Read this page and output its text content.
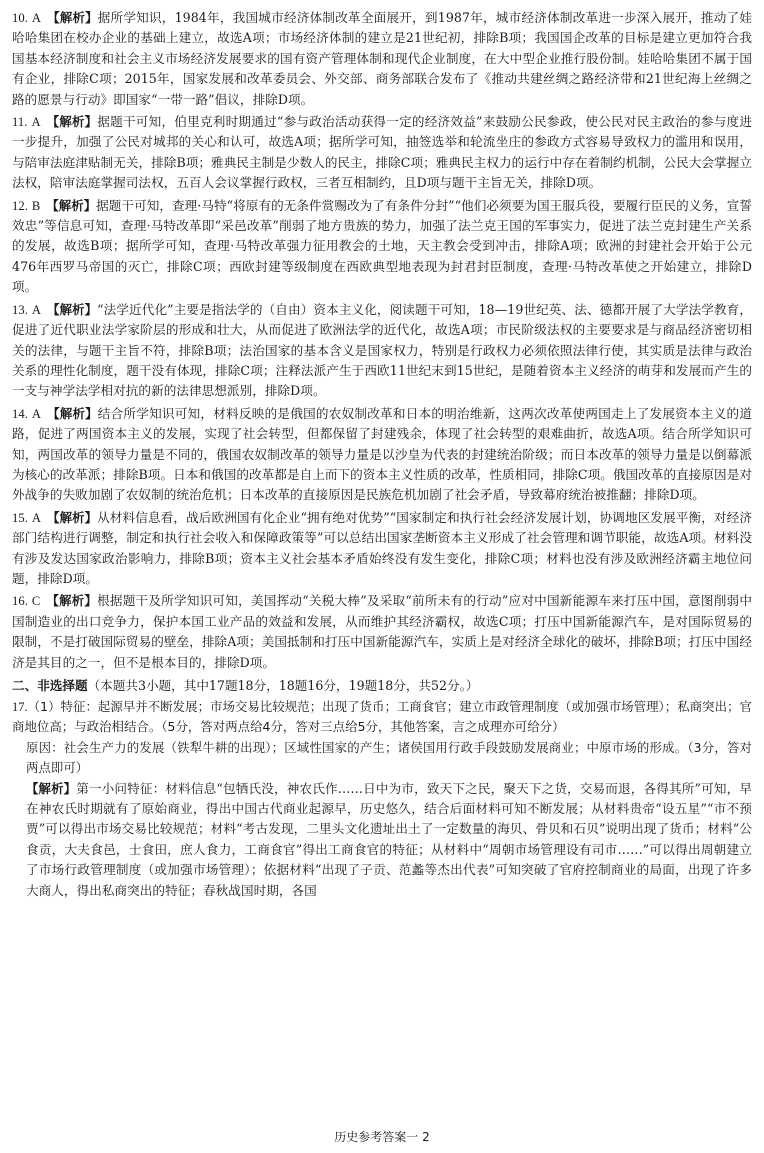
10. A 【解析】据所学知识，1984年，我国城市经济体制改革全面展开，到1987年，城市经济体制改革进一步深入展开，推动了娃哈哈集团在校办企业的基础上建立，故选A项；市场经济体制的建立是21世纪初，排除B项；我国国企改革的目标是建立更加符合我国基本经济制度和社会主义市场经济发展要求的国有资产管理体制和现代企业制度，在大中型企业推行股份制。娃哈哈集团不属于国有企业，排除C项；2015年，国家发展和改革委员会、外交部、商务部联合发布了《推动共建丝绸之路经济带和21世纪海上丝绸之路的愿景与行动》即国家“一带一路”倡议，排除D项。
11. A 【解析】据题干可知，伯里克利时期通过“参与政治活动获得一定的经济效益”来鼓励公民参政，使公民对民主政治的参与度进一步提升，加强了公民对城邦的关心和认可，故选A项；据所学可知，抽签选举和轮流坐庄的参政方式容易导致权力的滥用和误用，与陪审法庭津贴制无关，排除B项；雅典民主制是少数人的民主，排除C项；雅典民主权力的运行中存在着制约机制，公民大会掌握立法权，陪审法庭掌握司法权，五百人会议掌握行政权，三者互相制约，且D项与题干主旨无关，排除D项。
12. B 【解析】据题干可知，查理·马特“将原有的无条件赏赐改为了有条件分封”“他们必须要为国王服兵役，要履行臣民的义务，宣誓效忠”等信息可知，查理·马特改革即“采邑改革”削弱了地方贵族的势力，加强了法兰克王国的军事实力，促进了法兰克封建生产关系的发展，故选B项；据所学可知，查理·马特改革强力征用教会的土地，天主教会受到冲击，排除A项；欧洲的封建社会开始于公元476年西罗马帝国的灭亡，排除C项；西欧封建等级制度在西欧典型地表现为封君封臣制度，查理·马特改革使之开始建立，排除D项。
13. A 【解析】“法学近代化”主要是指法学的（自由）资本主义化，阅读题干可知，18—19世纪英、法、德都开展了大学法学教育，促进了近代职业法学家阶层的形成和壮大，从而促进了欧洲法学的近代化，故选A项；市民阶级法权的主要要求是与商品经济密切相关的法律，与题干主旨不符，排除B项；法治国家的基本含义是国家权力，特别是行政权力必须依照法律行使，其实质是法律与政治关系的理性化制度，题干没有体现，排除C项；注释法派产生于西欧11世纪末到15世纪，是随着资本主义经济的萌芽和发展而产生的一支与神学法学相对抗的新的法律思想派别，排除D项。
14. A 【解析】结合所学知识可知，材料反映的是俄国的农奴制改革和日本的明治维新，这两次改革使两国走上了发展资本主义的道路，促进了两国资本主义的发展，实现了社会转型，但都保留了封建残余，体现了社会转型的艰难曲折，故选A项。结合所学知识可知，两国改革的领导力量是不同的，俄国农奴制改革的领导力量是以沙皇为代表的封建统治阶级；而日本改革的领导力量是以倒幕派为核心的改革派；排除B项。日本和俄国的改革都是自上而下的资本主义性质的改革，性质相同，排除C项。俄国改革的直接原因是对外战争的失败加剧了农奴制的统治危机；日本改革的直接原因是民族危机加剧了社会矛盾，导致幕府统治被推翻；排除D项。
15. A 【解析】从材料信息看，战后欧洲国有化企业“拥有绝对优势”“国家制定和执行社会经济发展计划，协调地区发展平衡，对经济部门结构进行调整，制定和执行社会收入和保障政策等”可以总结出国家垄断资本主义形成了社会管理和调节职能，故选A项。材料没有涉及发达国家政治影响力，排除B项；资本主义社会基本矛盾始终没有发生变化，排除C项；材料也没有涉及欧洲经济霸主地位问题，排除D项。
16. C 【解析】根据题干及所学知识可知，美国挥动“关税大棒”及采取“前所未有的行动”应对中国新能源车来打压中国，意图削弱中国制造业的出口竞争力，保护本国工业产品的效益和发展，从而维护其经济霸权，故选C项；打压中国新能源汽车，是对国际贸易的限制，不是打破国际贸易的壁垒，排除A项；美国抵制和打压中国新能源汽车，实质上是对经济全球化的破坏，排除B项；打压中国经济是其目的之一，但不是根本目的，排除D项。
二、非选择题（本题共3小题，其中17题18分，18题16分，19题18分，共52分。）
17.（1）特征：起源早并不断发展；市场交易比较规范；出现了货币；工商食官；建立市政管理制度（或加强市场管理）；私商突出；官商地位高；与政治相结合。（5分，答对两点给4分，答对三点给5分，其他答案，言之成理亦可给分）
原因：社会生产力的发展（铁犁牛耕的出现）；区域性国家的产生；诸侯国用行政手段鼓励发展商业；中原市场的形成。（3分，答对两点即可）
【解析】第一小问特征：材料信息“包牺氏没，神农氏作……日中为市，致天下之民，聚天下之货，交易而退，各得其所”可知，早在神农氏时期就有了原始商业，得出中国古代商业起源早，历史悠久，结合后面材料可知不断发展；从材料贵帝“设五星”“市不预贾”可以得出市场交易比较规范；材料“考古发现，二里头文化遗址出土了一定数量的海贝、骨贝和石贝”说明出现了货币；材料“公食贡，大夫食邑，士食田，庶人食力，工商食官”得出工商食官的特征；从材料中“周朝市场管理设有司市……”可以得出周朝建立了市场行政管理制度（或加强市场管理）；依据材料“出现了子贡、范蠡等杰出代表”可知突破了官府控制商业的局面，出现了许多大商人，得出私商突出的特征；春秋战国时期，各国
历史参考答案一 2
